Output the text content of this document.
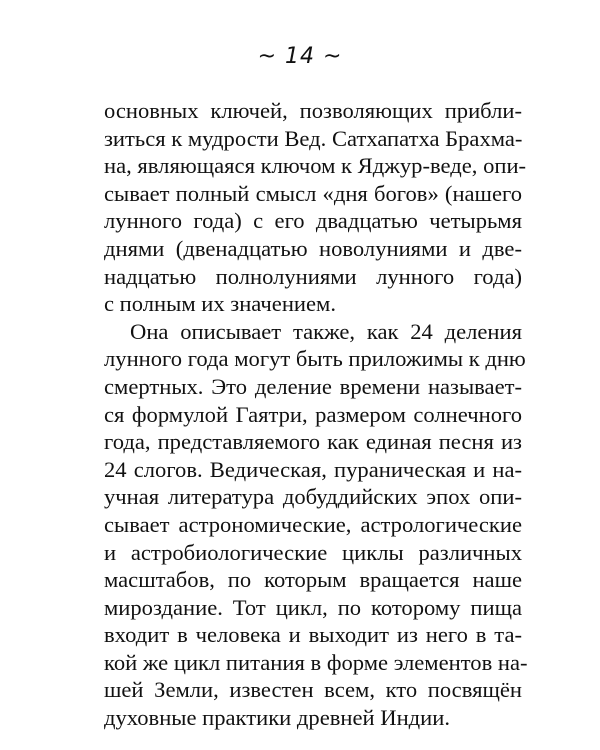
~ 14 ~
основных ключей, позволяющих прибли-
зиться к мудрости Вед. Сатхапатха Брахма-
на, являющаяся ключом к Яджур-веде, опи-
сывает полный смысл «дня богов» (нашего
лунного года) с его двадцатью четырьмя
днями (двенадцатью новолуниями и две-
надцатью полнолуниями лунного года)
с полным их значением.
Она описывает также, как 24 деления
лунного года могут быть приложимы к дню
смертных. Это деление времени называет-
ся формулой Гаятри, размером солнечного
года, представляемого как единая песня из
24 слогов. Ведическая, пураническая и на-
учная литература добуддийских эпох опи-
сывает астрономические, астрологические
и астробиологические циклы различных
масштабов, по которым вращается наше
мироздание. Тот цикл, по которому пища
входит в человека и выходит из него в та-
кой же цикл питания в форме элементов на-
шей Земли, известен всем, кто посвящён
духовные практики древней Индии.
